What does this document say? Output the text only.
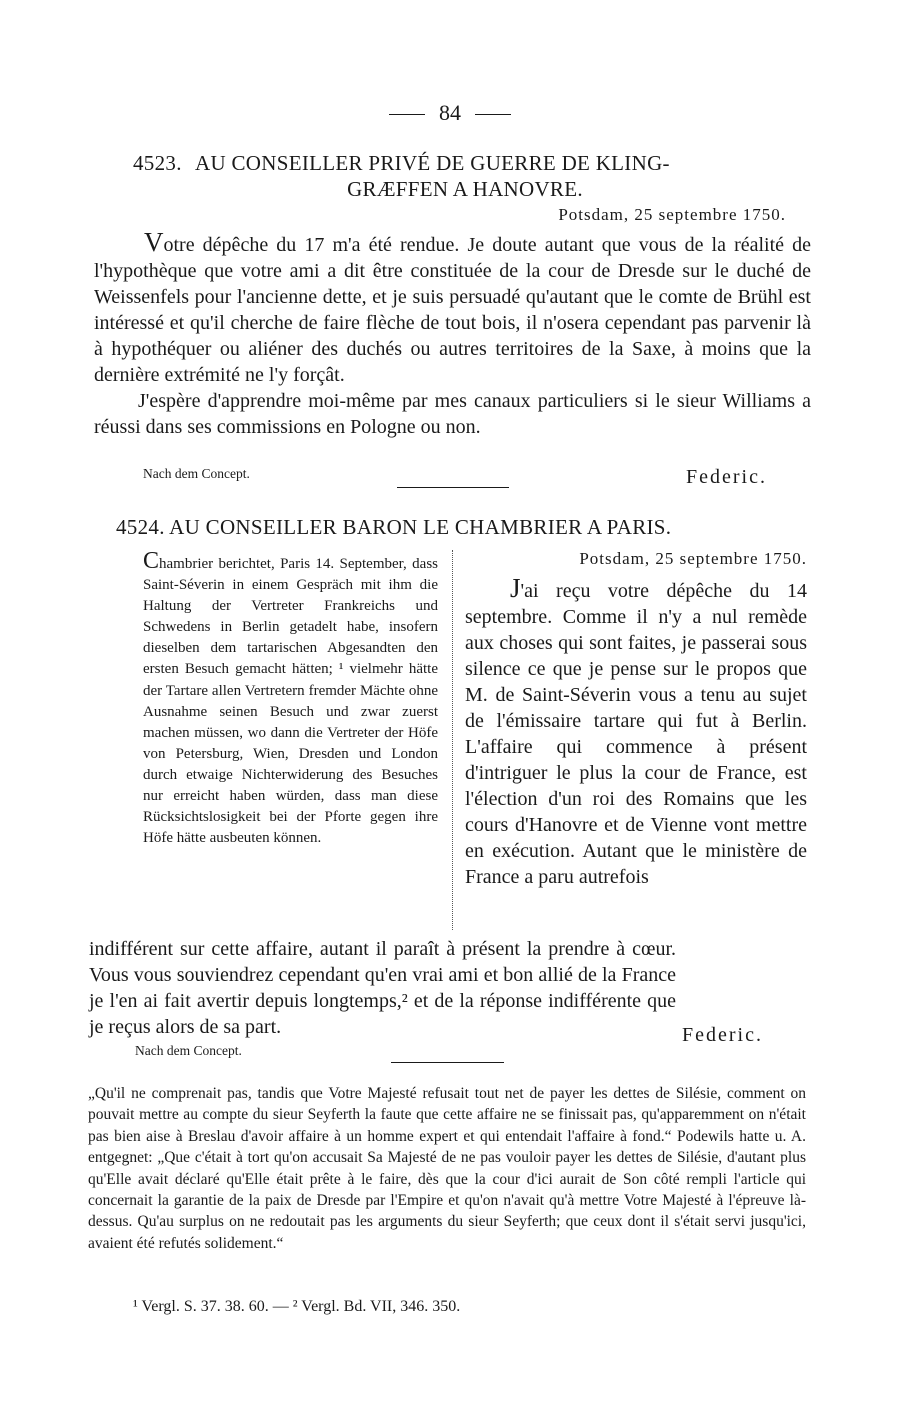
84
4523. AU CONSEILLER PRIVÉ DE GUERRE DE KLING-
GRÆFFEN A HANOVRE.
Potsdam, 25 septembre 1750.

Votre dépêche du 17 m'a été rendue. Je doute autant que vous de la réalité de l'hypothèque que votre ami a dit être constituée de la cour de Dresde sur le duché de Weissenfels pour l'ancienne dette, et je suis persuadé qu'autant que le comte de Brühl est intéressé et qu'il cherche de faire flèche de tout bois, il n'osera cependant pas parvenir là à hypothéquer ou aliéner des duchés ou autres territoires de la Saxe, à moins que la dernière extrémité ne l'y forçât.

J'espère d'apprendre moi-même par mes canaux particuliers si le sieur Williams a réussi dans ses commissions en Pologne ou non.

Nach dem Concept.	Federic.
4524. AU CONSEILLER BARON LE CHAMBRIER A PARIS.
Chambrier berichtet, Paris 14. September, dass Saint-Séverin in einem Gespräch mit ihm die Haltung der Vertreter Frankreichs und Schwedens in Berlin getadelt habe, insofern dieselben dem tartarischen Abgesandten den ersten Besuch gemacht hätten; ¹ vielmehr hätte der Tartare allen Vertretern fremder Mächte ohne Ausnahme seinen Besuch und zwar zuerst machen müssen, wo dann die Vertreter der Höfe von Petersburg, Wien, Dresden und London durch etwaige Nichterwiderung des Besuches nur erreicht haben würden, dass man diese Rücksichtslosigkeit bei der Pforte gegen ihre Höfe hätte ausbeuten können.
Potsdam, 25 septembre 1750.
J'ai reçu votre dépêche du 14 septembre. Comme il n'y a nul remède aux choses qui sont faites, je passerai sous silence ce que je pense sur le propos que M. de Saint-Séverin vous a tenu au sujet de l'émissaire tartare qui fut à Berlin. L'affaire qui commence à présent d'intriguer le plus la cour de France, est l'élection d'un roi des Romains que les cours d'Hanovre et de Vienne vont mettre en exécution. Autant que le ministère de France a paru autrefois

indifférent sur cette affaire, autant il paraît à présent la prendre à cœur. Vous vous souviendrez cependant qu'en vrai ami et bon allié de la France je l'en ai fait avertir depuis longtemps,² et de la réponse indifférente que je reçus alors de sa part.	Federic.
Nach dem Concept.

„Qu'il ne comprenait pas, tandis que Votre Majesté refusait tout net de payer les dettes de Silésie, comment on pouvait mettre au compte du sieur Seyferth la faute que cette affaire ne se finissait pas, qu'apparemment on n'était pas bien aise à Breslau d'avoir affaire à un homme expert et qui entendait l'affaire à fond.“ Podewils hatte u. A. entgegnet: „Que c'était à tort qu'on accusait Sa Majesté de ne pas vouloir payer les dettes de Silésie, d'autant plus qu'Elle avait déclaré qu'Elle était prête à le faire, dès que la cour d'ici aurait de Son côté rempli l'article qui concernait la garantie de la paix de Dresde par l'Empire et qu'on n'avait qu'à mettre Votre Majesté à l'épreuve là-dessus. Qu'au surplus on ne redoutait pas les arguments du sieur Seyferth; que ceux dont il s'était servi jusqu'ici, avaient été refutés solidement.“

¹ Vergl. S. 37. 38. 60. — ² Vergl. Bd. VII, 346. 350.
